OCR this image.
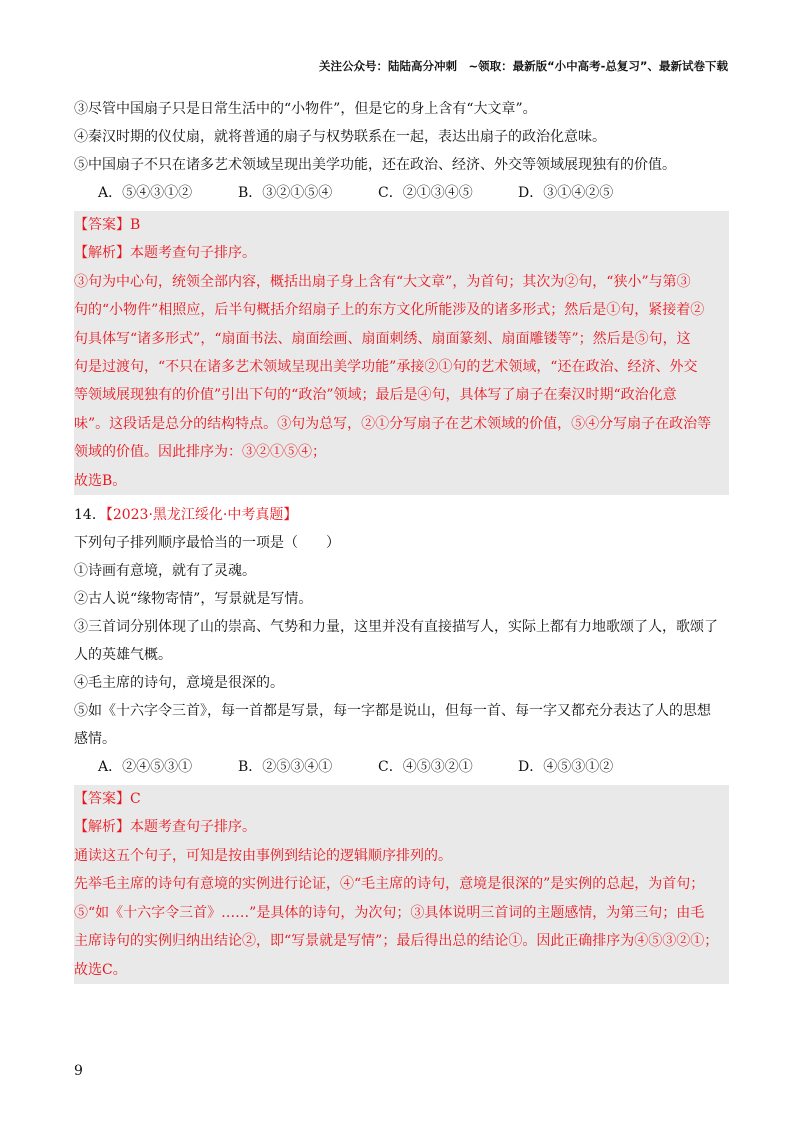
关注公众号：陆陆高分冲刺　~领取：最新版“小中高考-总复习”、最新试卷下载
③尽管中国扇子只是日常生活中的“小物件”，但是它的身上含有“大文章”。
④秦汉时期的仪仗扇，就将普通的扇子与权势联系在一起，表达出扇子的政治化意味。
⑤中国扇子不只在诸多艺术领域呈现出美学功能，还在政治、经济、外交等领域展现独有的价值。
A．⑤④③①②	B．③②①⑤④	C．②①③④⑤	D．③①④②⑤
【答案】B
【解析】本题考查句子排序。
③句为中心句，统领全部内容，概括出扇子身上含有“大文章”，为首句；其次为②句，“狭小”与第③
句的“小物件”相照应，后半句概括介绍扇子上的东方文化所能涉及的诸多形式；然后是①句，紧接着②
句具体写“诸多形式”，“扇面书法、扇面绘画、扇面刺绣、扇面篆刻、扇面雕镂等”；然后是⑤句，这
句是过渡句，“不只在诸多艺术领域呈现出美学功能”承接②①句的艺术领域，“还在政治、经济、外交
等领域展现独有的价值”引出下句的“政治”领域；最后是④句，具体写了扇子在秦汉时期“政治化意
味”。这段话是总分的结构特点。③句为总写，②①分写扇子在艺术领域的价值，⑤④分写扇子在政治等
领域的价值。因此排序为：③②①⑤④；
故选B。
14．【2023·黑龙江绥化·中考真题】
下列句子排列顺序最恰当的一项是（　　）
①诗画有意境，就有了灵魂。
②古人说“缘物寄情”，写景就是写情。
③三首词分别体现了山的崇高、气势和力量，这里并没有直接描写人，实际上都有力地歌颂了人，歌颂了
人的英雄气概。
④毛主席的诗句，意境是很深的。
⑤如《十六字令三首》，每一首都是写景，每一字都是说山，但每一首、每一字又都充分表达了人的思想
感情。
A．②④⑤③①	B．②⑤③④①	C．④⑤③②①	D．④⑤③①②
【答案】C
【解析】本题考查句子排序。
通读这五个句子，可知是按由事例到结论的逻辑顺序排列的。
先举毛主席的诗句有意境的实例进行论证，④“毛主席的诗句，意境是很深的”是实例的总起，为首句；
⑤“如《十六字令三首》……”是具体的诗句，为次句；③具体说明三首词的主题感情，为第三句；由毛
主席诗句的实例归纳出结论②，即“写景就是写情”；最后得出总的结论①。因此正确排序为④⑤③②①；
故选C。
9
